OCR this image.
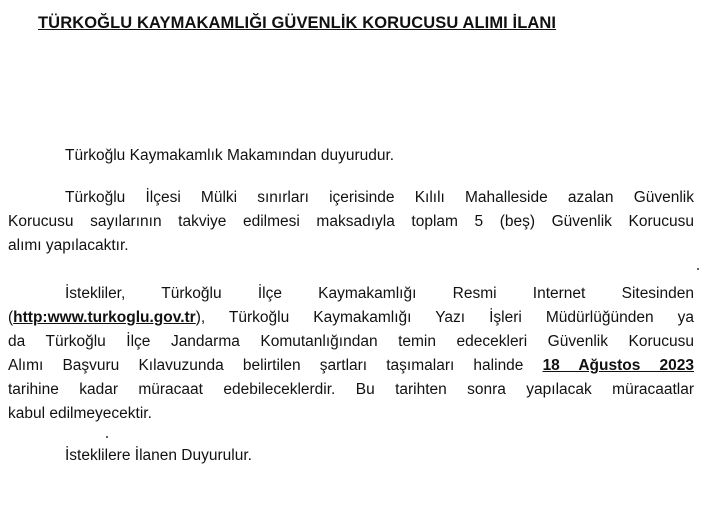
TÜRKOĞLU KAYMAKAMLIĞI GÜVENLİK KORUCUSU ALIMI İLANI

Türkoğlu Kaymakamlık Makamından duyurudur.

Türkoğlu İlçesi Mülki sınırları içerisinde Kılılı Mahalleside azalan Güvenlik
Korucusu sayılarının takviye edilmesi maksadıyla toplam 5 (beş) Güvenlik Korucusu
alımı yapılacaktır.
İstekliler, Türkoğlu İlçe Kaymakamlığı Resmi Internet Sitesinden
(http:www.turkoglu.gov.tr), Türkoğlu Kaymakamlığı Yazı İşleri Müdürlüğünden ya
da Türkoğlu İlçe Jandarma Komutanlığından temin edecekleri Güvenlik Korucusu
Alımı Başvuru Kılavuzunda belirtilen şartları taşımaları halinde 18 Ağustos 2023
tarihine kadar müracaat edebileceklerdir. Bu tarihten sonra yapılacak müracaatlar
kabul edilmeyecektir.

İsteklilere İlanen Duyurulur.
